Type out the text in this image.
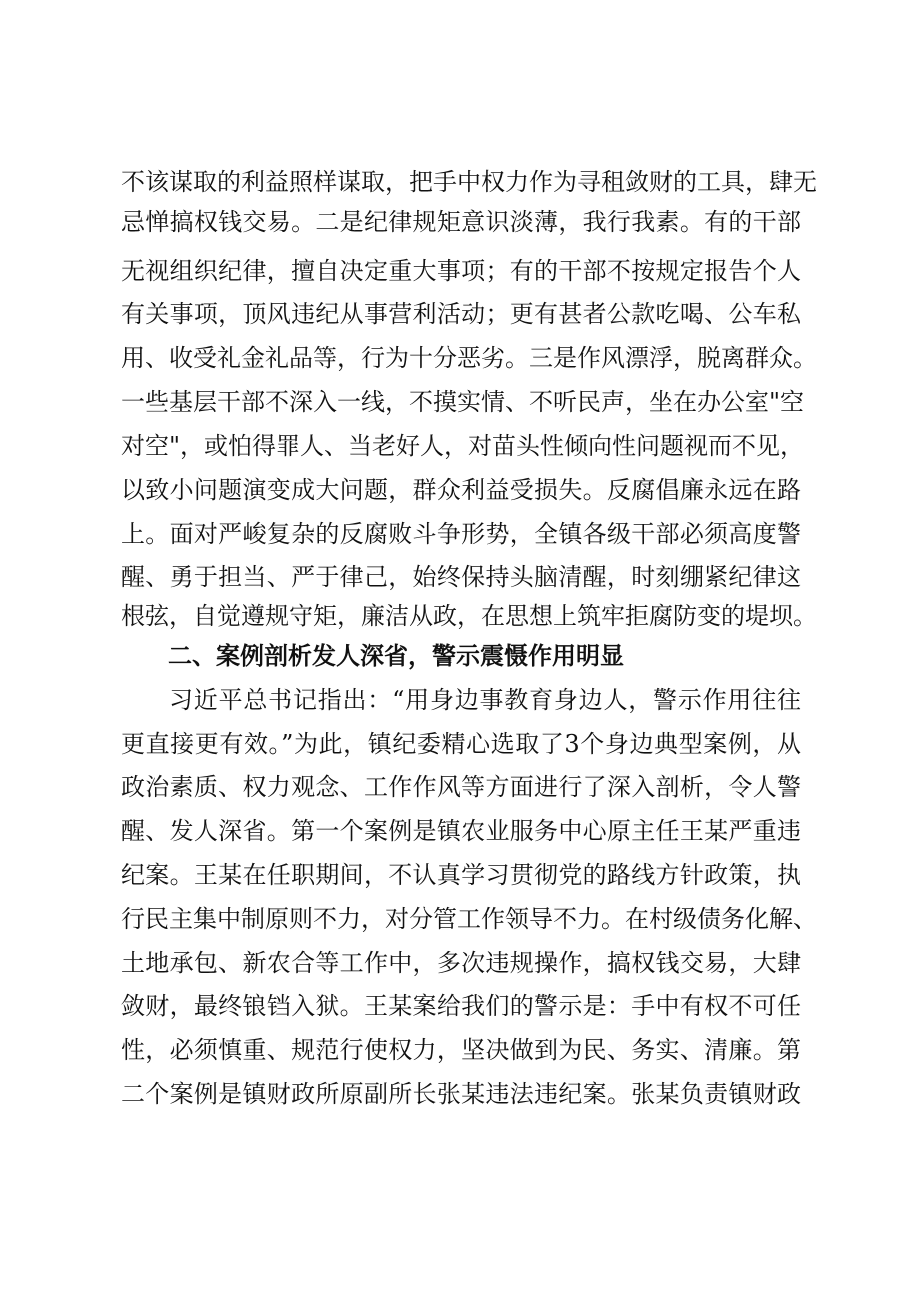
不该谋取的利益照样谋取，把手中权力作为寻租敛财的工具，肆无
忌惮搞权钱交易。二是纪律规矩意识淡薄，我行我素。有的干部
无视组织纪律，擅自决定重大事项；有的干部不按规定报告个人
有关事项，顶风违纪从事营利活动；更有甚者公款吃喝、公车私
用、收受礼金礼品等，行为十分恶劣。三是作风漂浮，脱离群众。
一些基层干部不深入一线，不摸实情、不听民声，坐在办公室"空
对空"，或怕得罪人、当老好人，对苗头性倾向性问题视而不见，
以致小问题演变成大问题，群众利益受损失。反腐倡廉永远在路
上。面对严峻复杂的反腐败斗争形势，全镇各级干部必须高度警
醒、勇于担当、严于律己，始终保持头脑清醒，时刻绷紧纪律这
根弦，自觉遵规守矩，廉洁从政，在思想上筑牢拒腐防变的堤坝。
二、案例剖析发人深省，警示震慑作用明显
习近平总书记指出：“用身边事教育身边人，警示作用往往
更直接更有效。”为此，镇纪委精心选取了3个身边典型案例，从
政治素质、权力观念、工作作风等方面进行了深入剖析，令人警
醒、发人深省。第一个案例是镇农业服务中心原主任王某严重违
纪案。王某在任职期间，不认真学习贯彻党的路线方针政策，执
行民主集中制原则不力，对分管工作领导不力。在村级债务化解、
土地承包、新农合等工作中，多次违规操作，搞权钱交易，大肆
敛财，最终锒铛入狱。王某案给我们的警示是：手中有权不可任
性，必须慎重、规范行使权力，坚决做到为民、务实、清廉。第
二个案例是镇财政所原副所长张某违法违纪案。张某负责镇财政
